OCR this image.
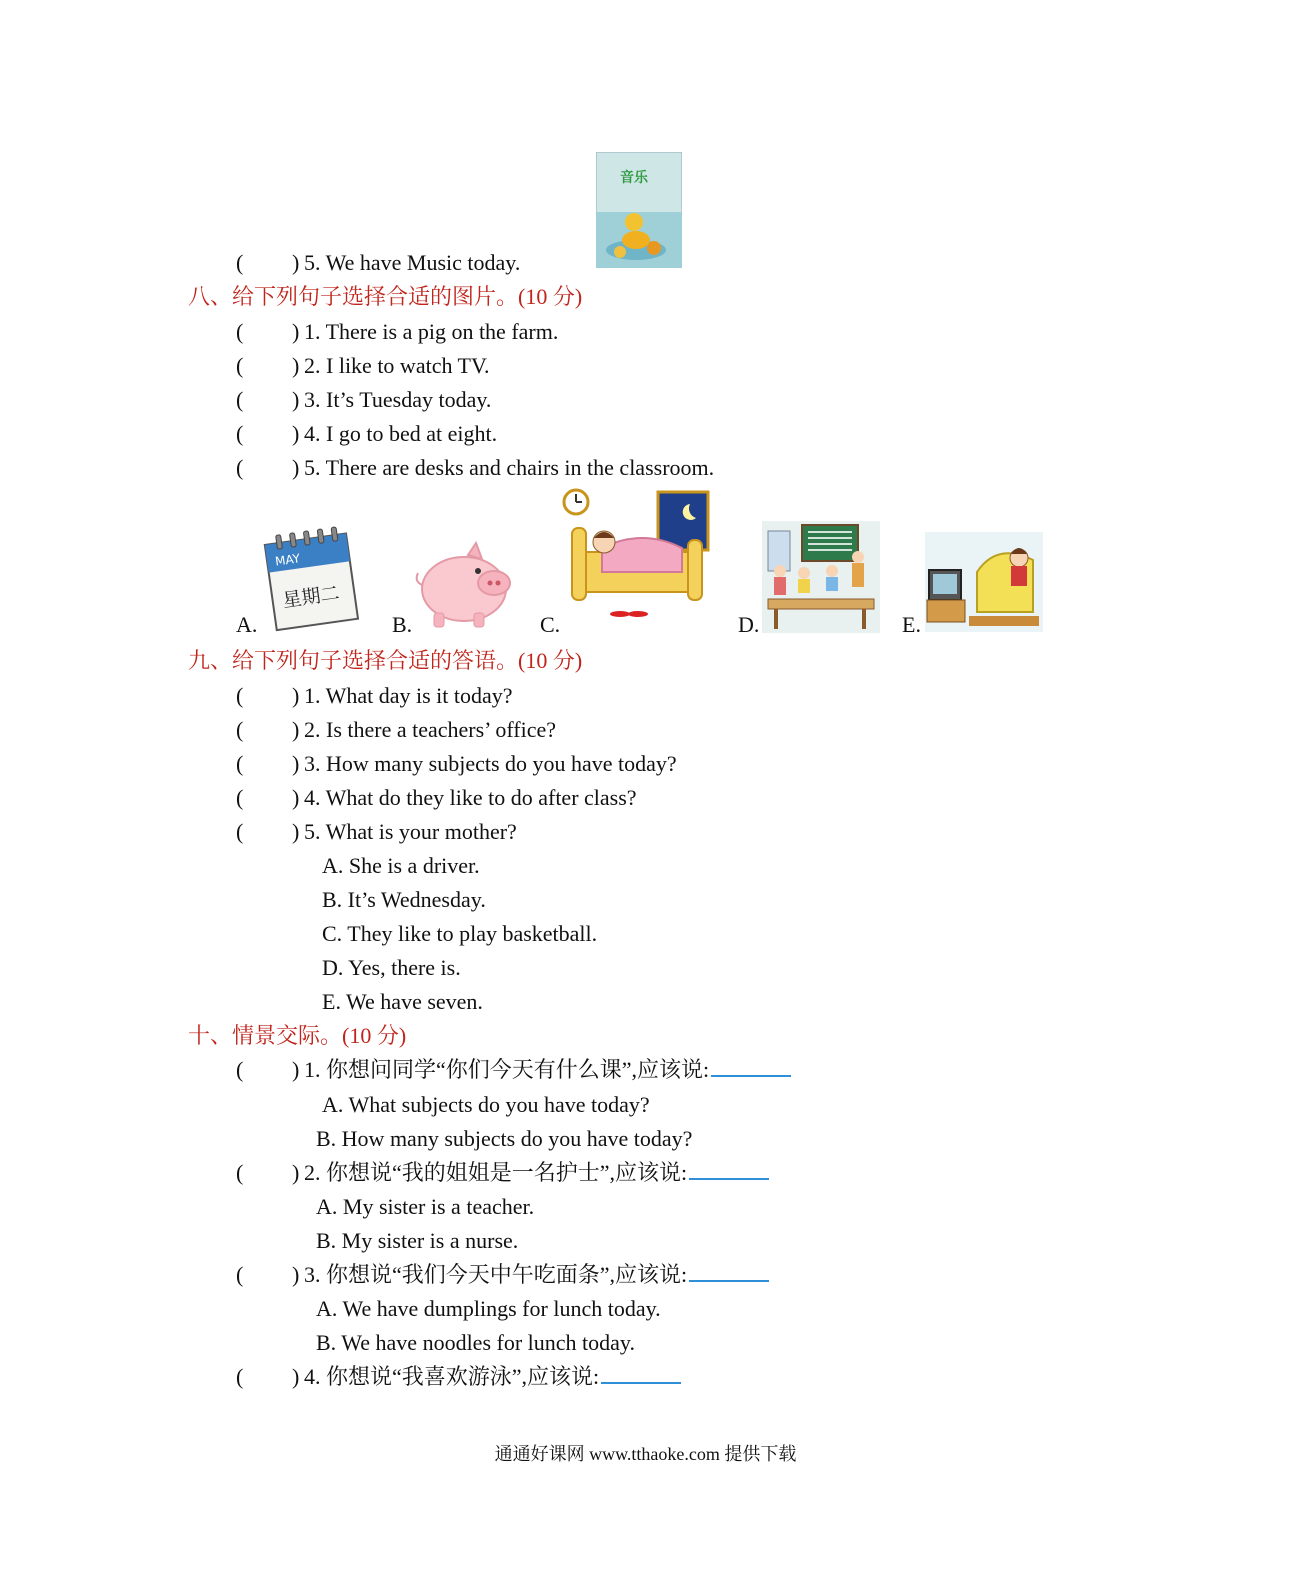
音乐
( ) 5. We have Music today.
八、给下列句子选择合适的图片。(10 分)
( ) 1. There is a pig on the farm.
( ) 2. I like to watch TV.
( ) 3. It’s Tuesday today.
( ) 4. I go to bed at eight.
( ) 5. There are desks and chairs in the classroom.
A.
MAY
星期二
B.	C.	D.	E.
九、给下列句子选择合适的答语。(10 分)
( ) 1. What day is it today?
( ) 2. Is there a teachers’ office?
( ) 3. How many subjects do you have today?
( ) 4. What do they like to do after class?
( ) 5. What is your mother?
A. She is a driver.
B. It’s Wednesday.
C. They like to play basketball.
D. Yes, there is.
E. We have seven.
十、情景交际。(10 分)
( ) 1. 你想问同学“你们今天有什么课”,应该说:
A. What subjects do you have today?
B. How many subjects do you have today?
( ) 2. 你想说“我的姐姐是一名护士”,应该说:
A. My sister is a teacher.
B. My sister is a nurse.
( ) 3. 你想说“我们今天中午吃面条”,应该说:
A. We have dumplings for lunch today.
B. We have noodles for lunch today.
( ) 4. 你想说“我喜欢游泳”,应该说:
通通好课网 www.tthaoke.com 提供下载
